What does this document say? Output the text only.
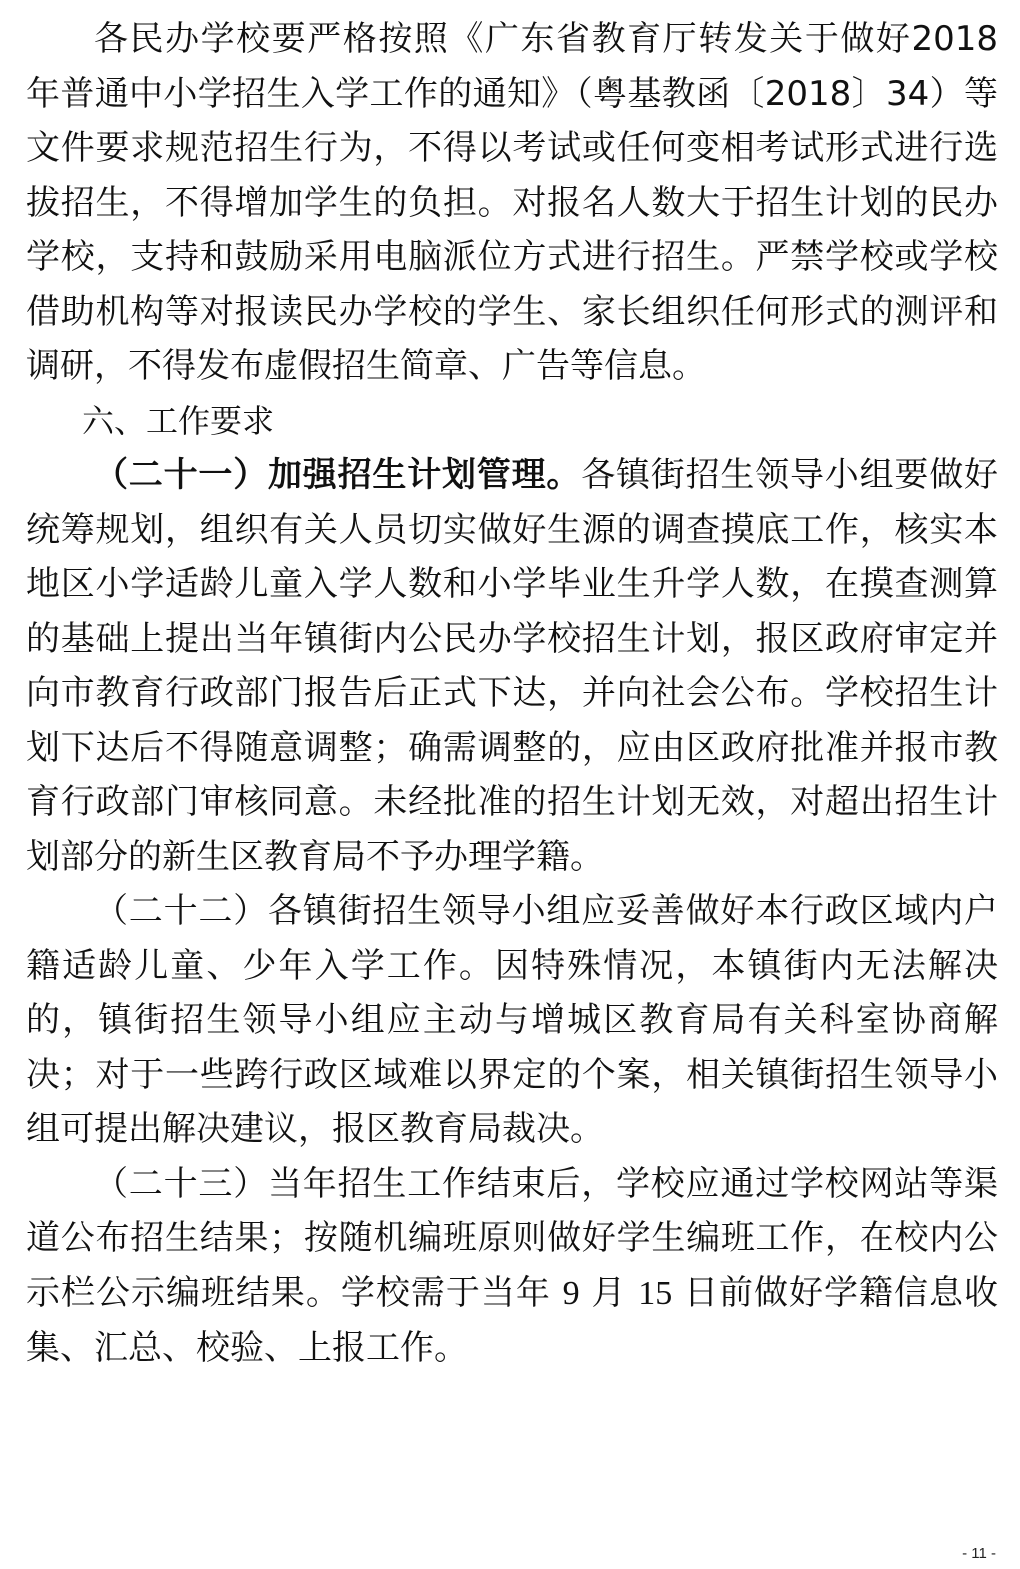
各民办学校要严格按照《广东省教育厅转发关于做好2018 年普通中小学招生入学工作的通知》（粤基教函〔2018〕34）等文件要求规范招生行为，不得以考试或任何变相考试形式进行选拔招生，不得增加学生的负担。对报名人数大于招生计划的民办学校，支持和鼓励采用电脑派位方式进行招生。严禁学校或学校借助机构等对报读民办学校的学生、家长组织任何形式的测评和调研，不得发布虚假招生简章、广告等信息。

六、工作要求

（二十一）加强招生计划管理。各镇街招生领导小组要做好统筹规划，组织有关人员切实做好生源的调查摸底工作，核实本地区小学适龄儿童入学人数和小学毕业生升学人数，在摸查测算的基础上提出当年镇街内公民办学校招生计划，报区政府审定并向市教育行政部门报告后正式下达，并向社会公布。学校招生计划下达后不得随意调整；确需调整的，应由区政府批准并报市教育行政部门审核同意。未经批准的招生计划无效，对超出招生计划部分的新生区教育局不予办理学籍。

（二十二）各镇街招生领导小组应妥善做好本行政区域内户籍适龄儿童、少年入学工作。因特殊情况，本镇街内无法解决的，镇街招生领导小组应主动与增城区教育局有关科室协商解决；对于一些跨行政区域难以界定的个案，相关镇街招生领导小组可提出解决建议，报区教育局裁决。

（二十三）当年招生工作结束后，学校应通过学校网站等渠道公布招生结果；按随机编班原则做好学生编班工作，在校内公示栏公示编班结果。学校需于当年 9 月 15 日前做好学籍信息收集、汇总、校验、上报工作。

- 11 -
